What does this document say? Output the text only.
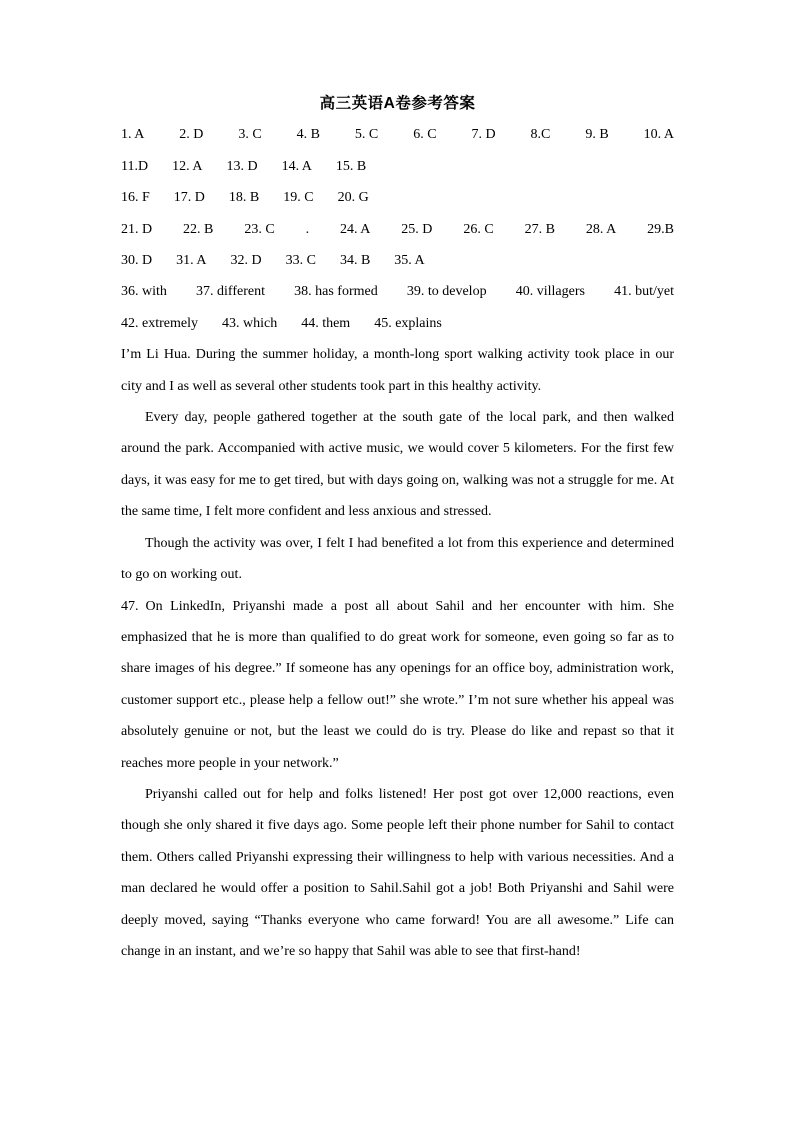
高三英语A卷参考答案
1. A 2. D 3. C 4. B 5. C 6. C 7. D 8.C 9. B 10. A
11.D 12. A 13. D 14. A 15. B
16. F 17. D 18. B 19. C 20. G
21. D 22. B 23. C . 24. A 25. D 26. C 27. B 28. A 29.B
30. D 31. A 32. D 33. C 34. B 35. A
36. with 37. different 38. has formed 39. to develop 40. villagers 41. but/yet
42. extremely 43. which 44. them 45. explains

I’m Li Hua. During the summer holiday, a month-long sport walking activity took place in our city and I as well as several other students took part in this healthy activity.

Every day, people gathered together at the south gate of the local park, and then walked around the park. Accompanied with active music, we would cover 5 kilometers. For the first few days, it was easy for me to get tired, but with days going on, walking was not a struggle for me. At the same time, I felt more confident and less anxious and stressed.

Though the activity was over, I felt I had benefited a lot from this experience and determined to go on working out.

47. On LinkedIn, Priyanshi made a post all about Sahil and her encounter with him. She emphasized that he is more than qualified to do great work for someone, even going so far as to share images of his degree.” If someone has any openings for an office boy, administration work, customer support etc., please help a fellow out!” she wrote.” I’m not sure whether his appeal was absolutely genuine or not, but the least we could do is try. Please do like and repast so that it reaches more people in your network.”

Priyanshi called out for help and folks listened! Her post got over 12,000 reactions, even though she only shared it five days ago. Some people left their phone number for Sahil to contact them. Others called Priyanshi expressing their willingness to help with various necessities. And a man declared he would offer a position to Sahil.Sahil got a job! Both Priyanshi and Sahil were deeply moved, saying “Thanks everyone who came forward! You are all awesome.” Life can change in an instant, and we’re so happy that Sahil was able to see that first-hand!
